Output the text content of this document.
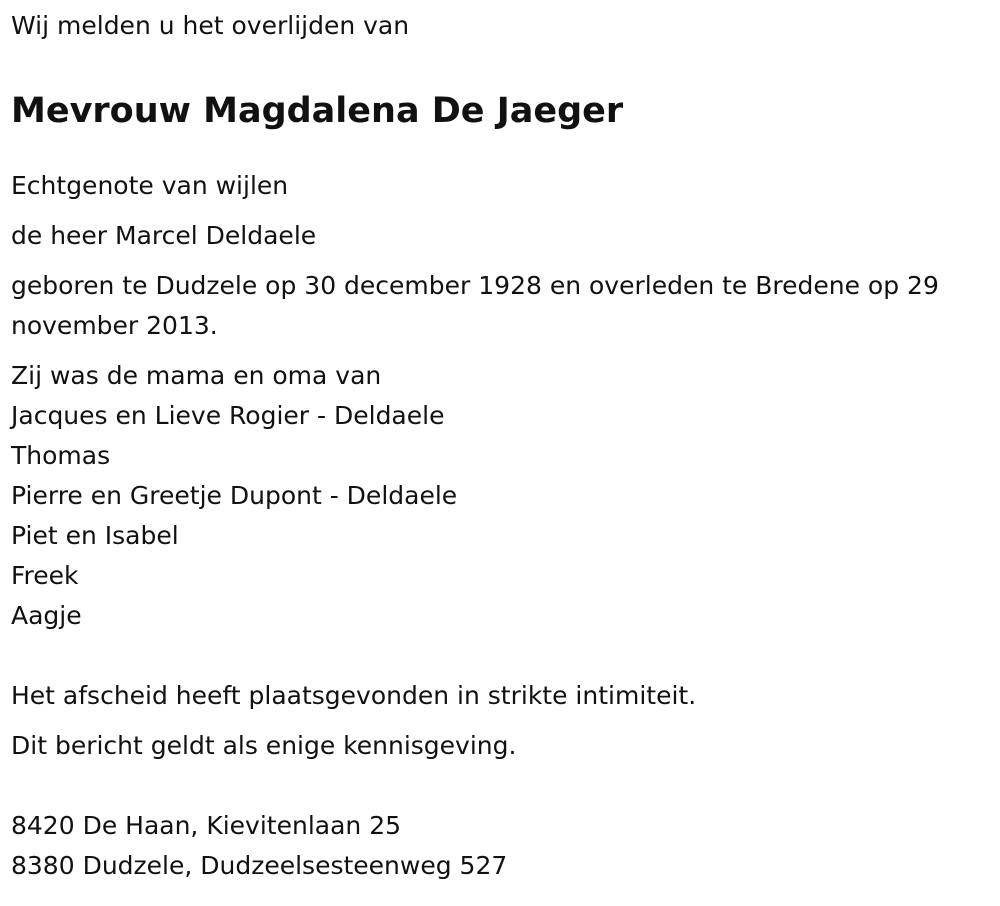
Wij melden u het overlijden van
Mevrouw Magdalena De Jaeger
Echtgenote van wijlen
de heer Marcel Deldaele
geboren te Dudzele op 30 december 1928 en overleden te Bredene op 29 november 2013.
Zij was de mama en oma van
Jacques en Lieve Rogier - Deldaele
Thomas
Pierre en Greetje Dupont - Deldaele
Piet en Isabel
Freek
Aagje
Het afscheid heeft plaatsgevonden in strikte intimiteit.
Dit bericht geldt als enige kennisgeving.
8420 De Haan, Kievitenlaan 25
8380 Dudzele, Dudzeelsesteenweg 527
